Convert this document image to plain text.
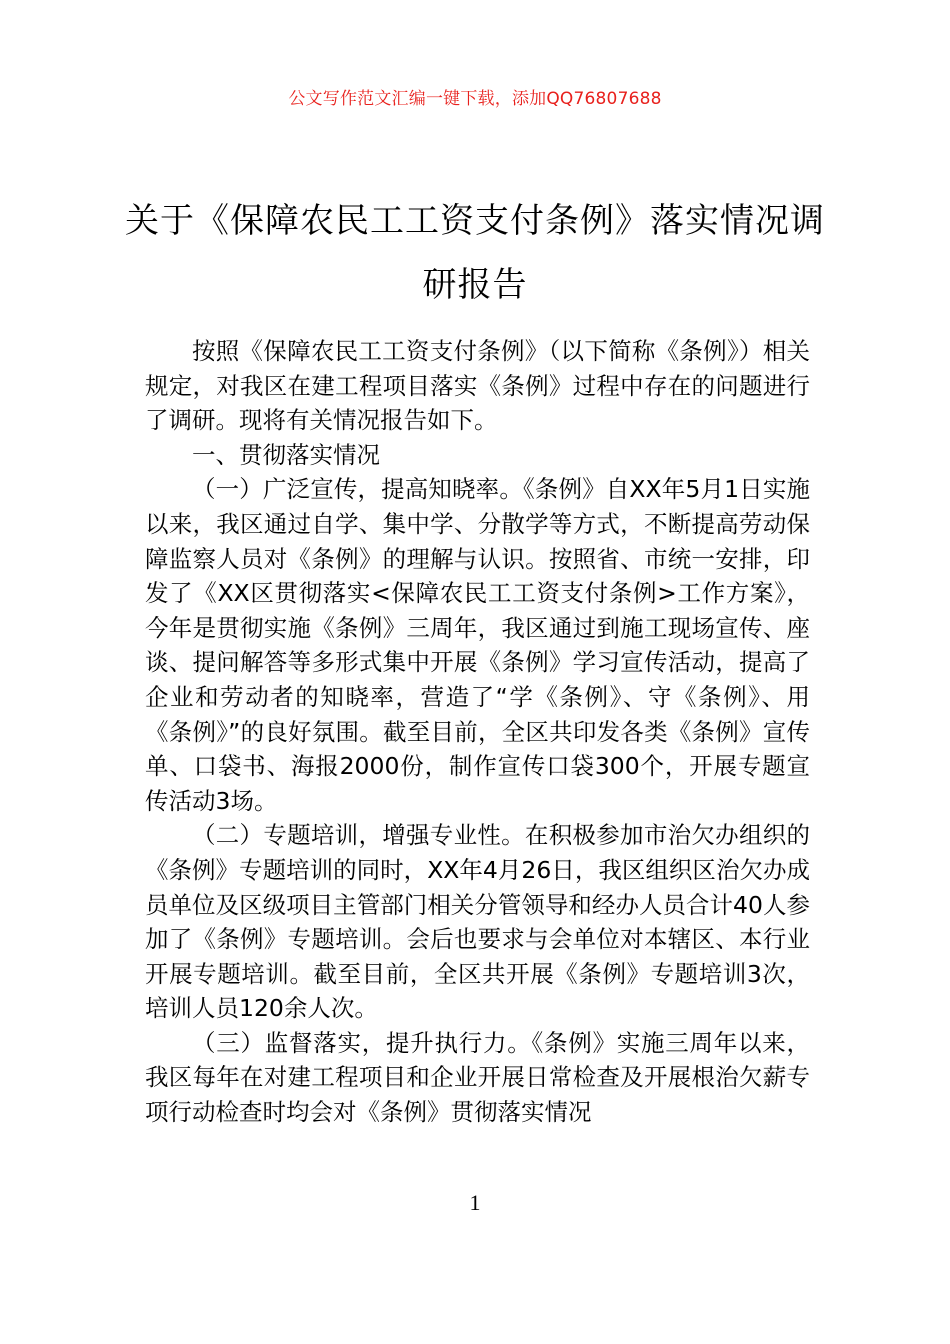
公文写作范文汇编一键下载，添加QQ76807688
关于《保障农民工工资支付条例》落实情况调研报告

按照《保障农民工工资支付条例》（以下简称《条例》）相关规定，对我区在建工程项目落实《条例》过程中存在的问题进行了调研。现将有关情况报告如下。

一、贯彻落实情况

（一）广泛宣传，提高知晓率。《条例》自XX年5月1日实施以来，我区通过自学、集中学、分散学等方式，不断提高劳动保障监察人员对《条例》的理解与认识。按照省、市统一安排，印发了《XX区贯彻落实<保障农民工工资支付条例>工作方案》，今年是贯彻实施《条例》三周年，我区通过到施工现场宣传、座谈、提问解答等多形式集中开展《条例》学习宣传活动，提高了企业和劳动者的知晓率，营造了“学《条例》、守《条例》、用《条例》”的良好氛围。截至目前，全区共印发各类《条例》宣传单、口袋书、海报2000份，制作宣传口袋300个，开展专题宣传活动3场。

（二）专题培训，增强专业性。在积极参加市治欠办组织的《条例》专题培训的同时，XX年4月26日，我区组织区治欠办成员单位及区级项目主管部门相关分管领导和经办人员合计40人参加了《条例》专题培训。会后也要求与会单位对本辖区、本行业开展专题培训。截至目前，全区共开展《条例》专题培训3次，培训人员120余人次。

（三）监督落实，提升执行力。《条例》实施三周年以来，我区每年在对建工程项目和企业开展日常检查及开展根治欠薪专项行动检查时均会对《条例》贯彻落实情况

1
